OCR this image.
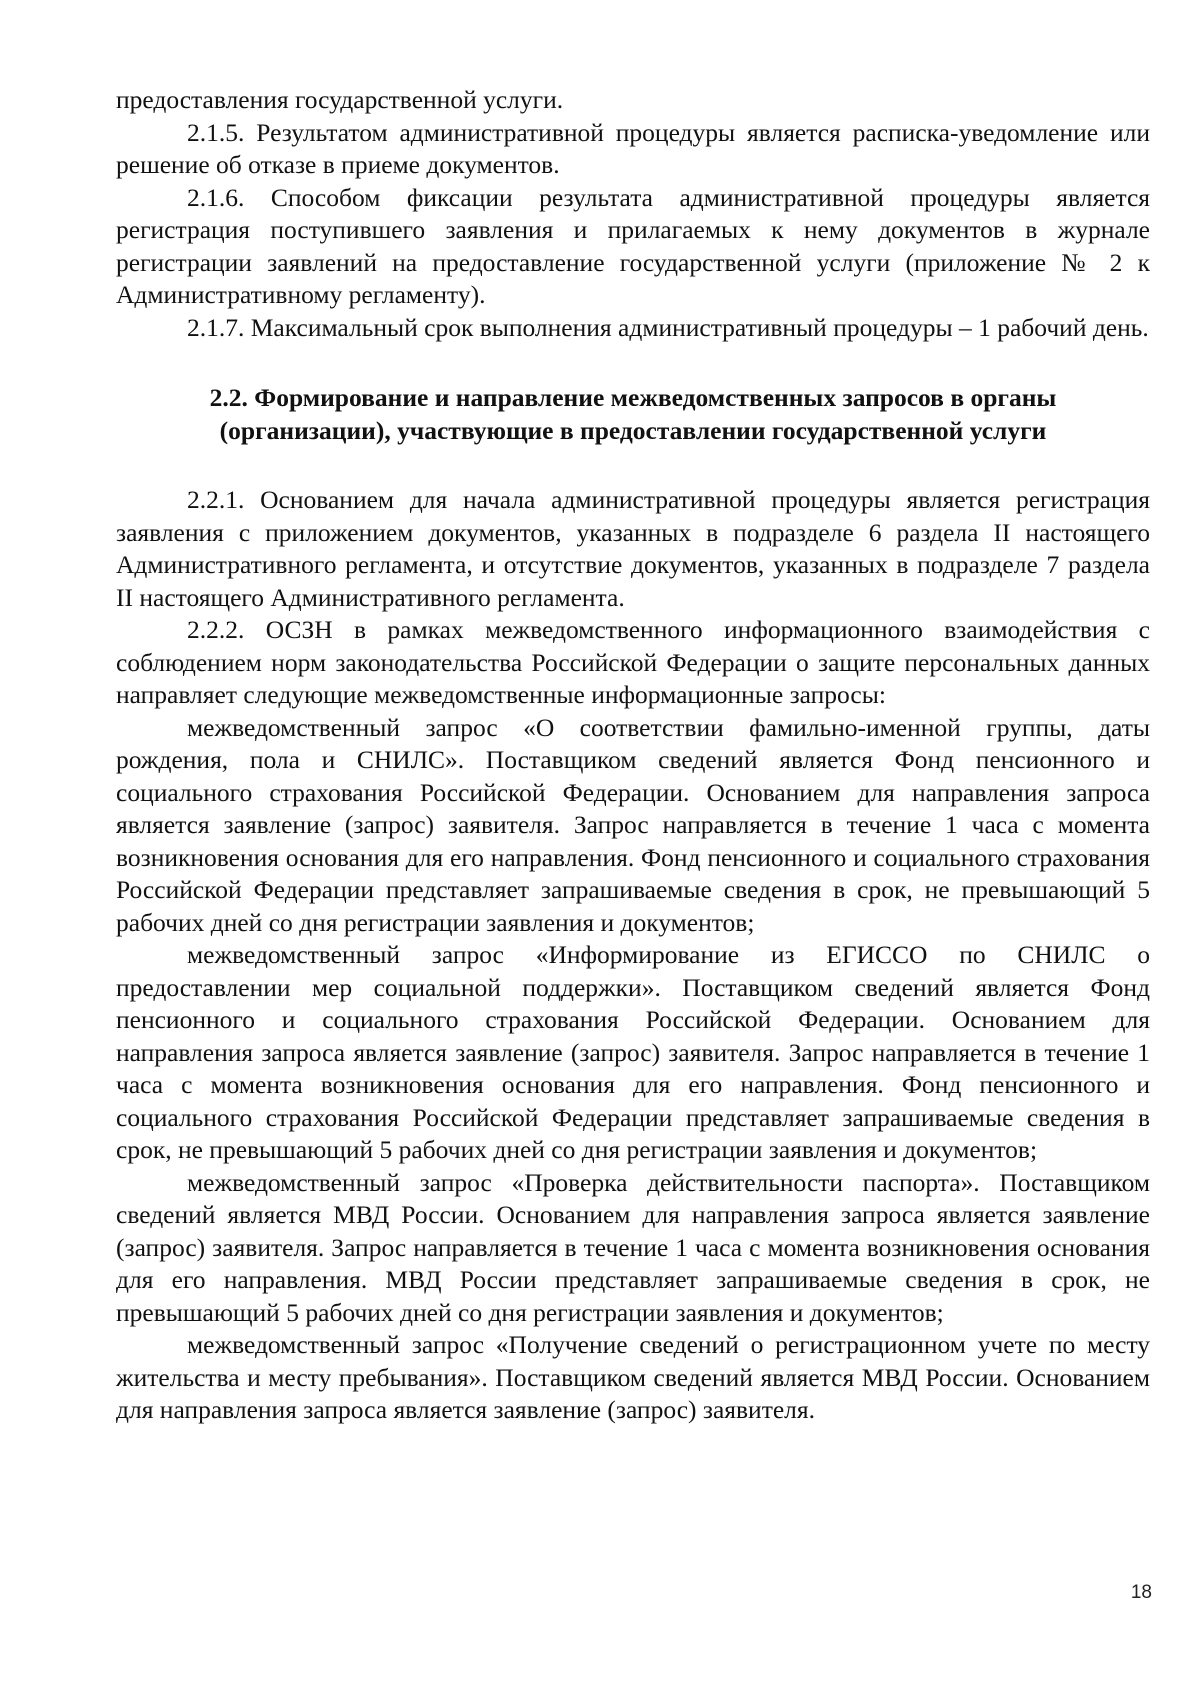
предоставления государственной услуги.

2.1.5. Результатом административной процедуры является расписка-уведомление или решение об отказе в приеме документов.

2.1.6. Способом фиксации результата административной процедуры является регистрация поступившего заявления и прилагаемых к нему документов в журнале регистрации заявлений на предоставление государственной услуги (приложение № 2 к Административному регламенту).

2.1.7. Максимальный срок выполнения административный процедуры – 1 рабочий день.

2.2. Формирование и направление межведомственных запросов в органы (организации), участвующие в предоставлении государственной услуги

2.2.1. Основанием для начала административной процедуры является регистрация заявления с приложением документов, указанных в подразделе 6 раздела II настоящего Административного регламента, и отсутствие документов, указанных в подразделе 7 раздела II настоящего Административного регламента.

2.2.2. ОСЗН в рамках межведомственного информационного взаимодействия с соблюдением норм законодательства Российской Федерации о защите персональных данных направляет следующие межведомственные информационные запросы:

межведомственный запрос «О соответствии фамильно-именной группы, даты рождения, пола и СНИЛС». Поставщиком сведений является Фонд пенсионного и социального страхования Российской Федерации. Основанием для направления запроса является заявление (запрос) заявителя. Запрос направляется в течение 1 часа с момента возникновения основания для его направления. Фонд пенсионного и социального страхования Российской Федерации представляет запрашиваемые сведения в срок, не превышающий 5 рабочих дней со дня регистрации заявления и документов;

межведомственный запрос «Информирование из ЕГИССО по СНИЛС о предоставлении мер социальной поддержки». Поставщиком сведений является Фонд пенсионного и социального страхования Российской Федерации. Основанием для направления запроса является заявление (запрос) заявителя. Запрос направляется в течение 1 часа с момента возникновения основания для его направления. Фонд пенсионного и социального страхования Российской Федерации представляет запрашиваемые сведения в срок, не превышающий 5 рабочих дней со дня регистрации заявления и документов;

межведомственный запрос «Проверка действительности паспорта». Поставщиком сведений является МВД России. Основанием для направления запроса является заявление (запрос) заявителя. Запрос направляется в течение 1 часа с момента возникновения основания для его направления. МВД России представляет запрашиваемые сведения в срок, не превышающий 5 рабочих дней со дня регистрации заявления и документов;

межведомственный запрос «Получение сведений о регистрационном учете по месту жительства и месту пребывания». Поставщиком сведений является МВД России. Основанием для направления запроса является заявление (запрос) заявителя.

18
